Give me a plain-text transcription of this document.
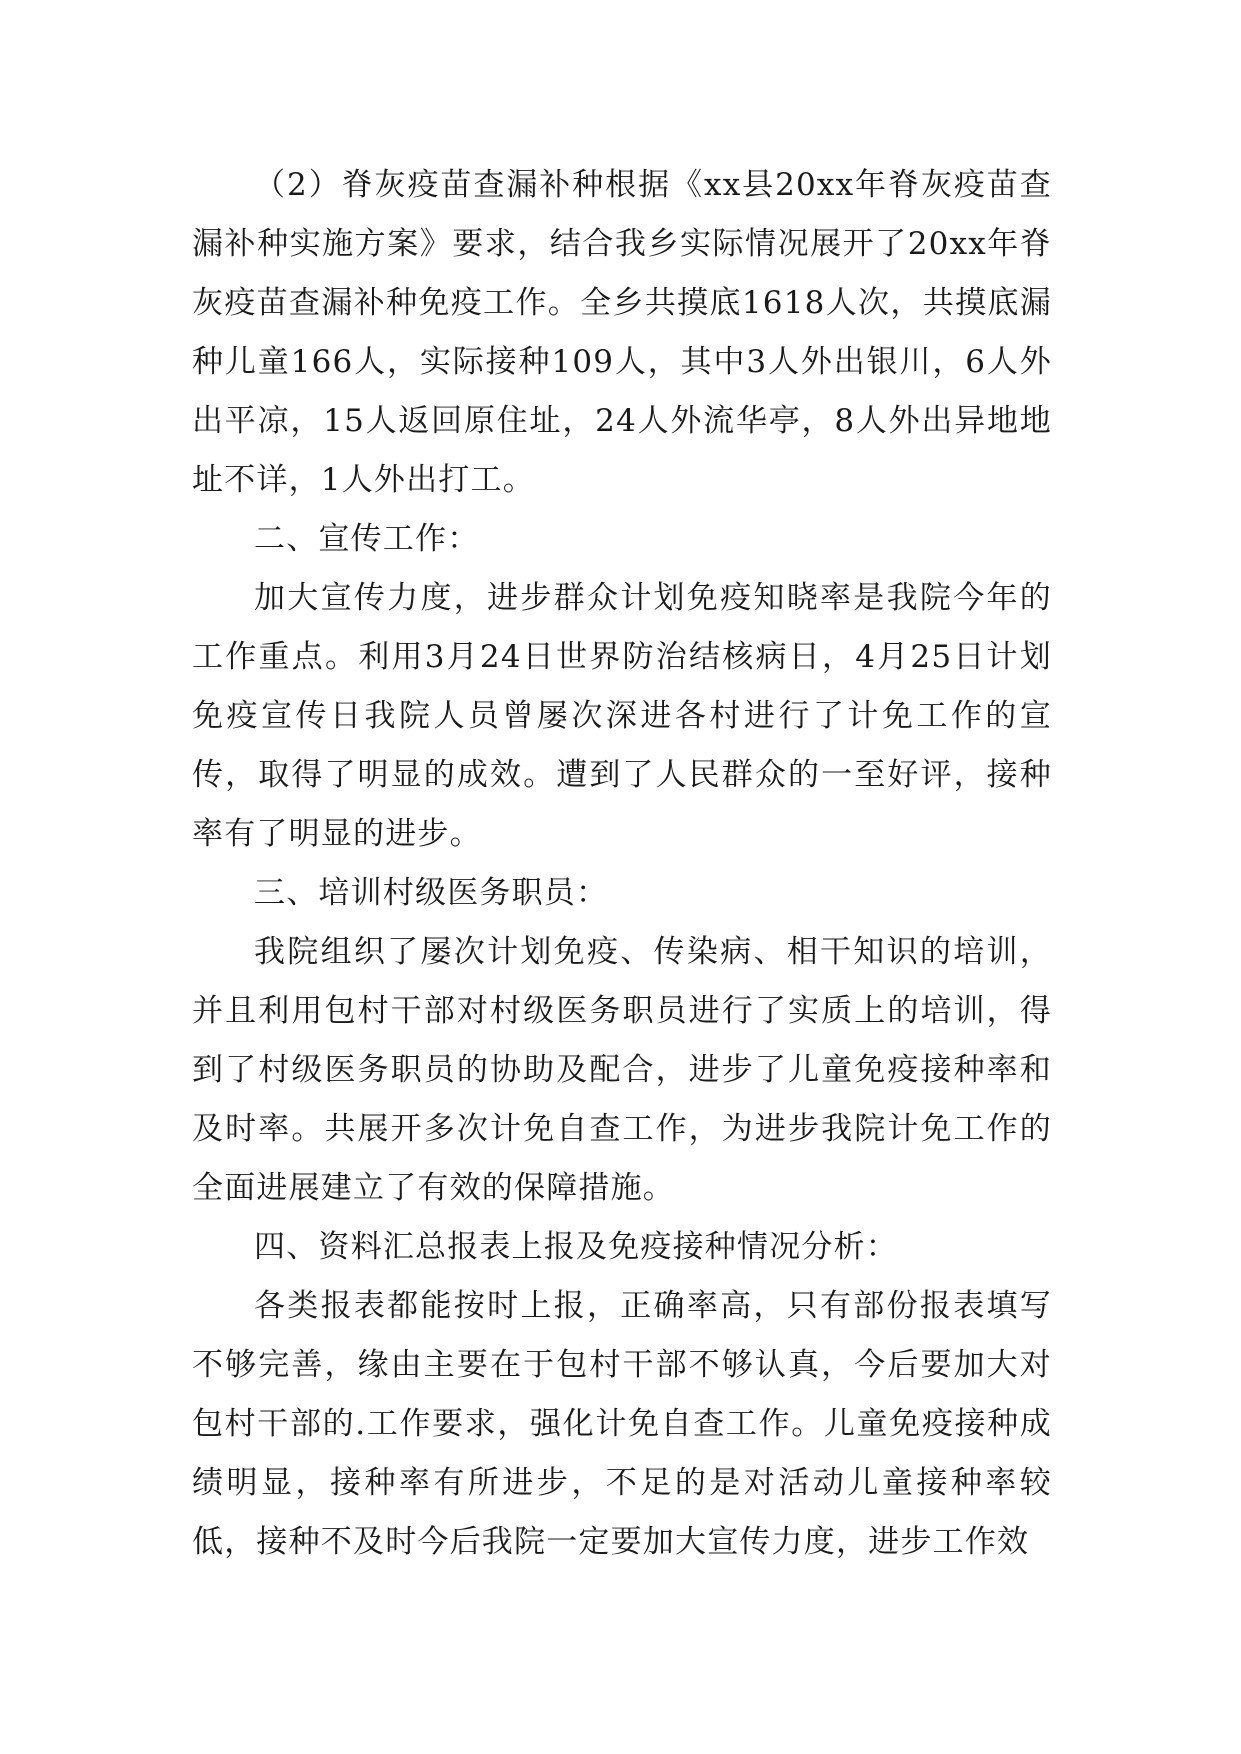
（2）脊灰疫苗查漏补种根据《xx县20xx年脊灰疫苗查漏补种实施方案》要求，结合我乡实际情况展开了20xx年脊灰疫苗查漏补种免疫工作。全乡共摸底1618人次，共摸底漏种儿童166人，实际接种109人，其中3人外出银川，6人外出平凉，15人返回原住址，24人外流华亭，8人外出异地地址不详，1人外出打工。

二、宣传工作：

加大宣传力度，进步群众计划免疫知晓率是我院今年的工作重点。利用3月24日世界防治结核病日，4月25日计划免疫宣传日我院人员曾屡次深进各村进行了计免工作的宣传，取得了明显的成效。遭到了人民群众的一至好评，接种率有了明显的进步。

三、培训村级医务职员：

我院组织了屡次计划免疫、传染病、相干知识的培训，并且利用包村干部对村级医务职员进行了实质上的培训，得到了村级医务职员的协助及配合，进步了儿童免疫接种率和及时率。共展开多次计免自查工作，为进步我院计免工作的全面进展建立了有效的保障措施。

四、资料汇总报表上报及免疫接种情况分析：

各类报表都能按时上报，正确率高，只有部份报表填写不够完善，缘由主要在于包村干部不够认真，今后要加大对包村干部的.工作要求，强化计免自查工作。儿童免疫接种成绩明显，接种率有所进步，不足的是对活动儿童接种率较低，接种不及时今后我院一定要加大宣传力度，进步工作效
